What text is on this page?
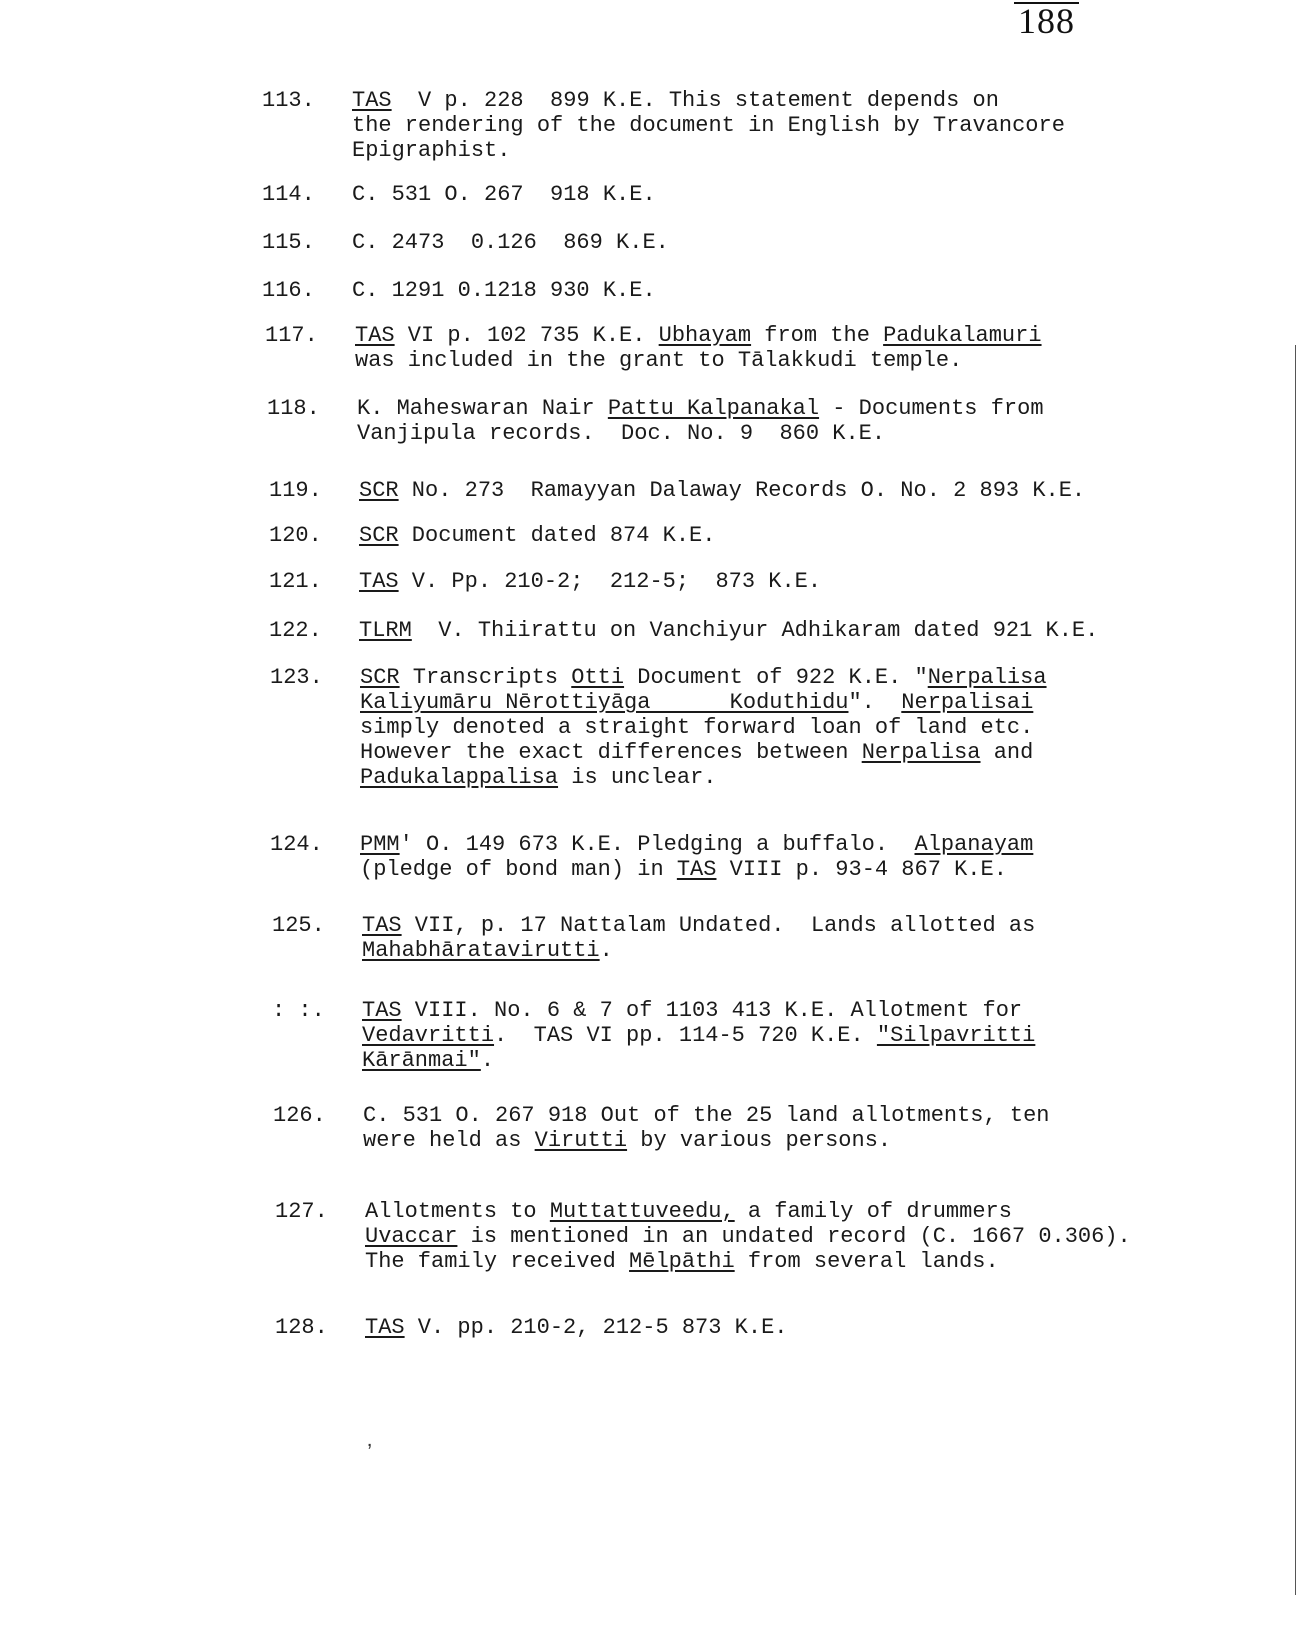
188
ʼ
113. TAS  V p. 228  899 K.E. This statement depends on
the rendering of the document in English by Travancore
Epigraphist.
114. C. 531 O. 267  918 K.E.
115. C. 2473  0.126  869 K.E.
116. C. 1291 0.1218 930 K.E.
117. TAS VI p. 102 735 K.E. Ubhayam from the Padukalamuri
was included in the grant to Tālakkudi temple.
118. K. Maheswaran Nair Pattu Kalpanakal - Documents from
Vanjipula records.  Doc. No. 9  860 K.E.
119. SCR No. 273  Ramayyan Dalaway Records O. No. 2 893 K.E.
120. SCR Document dated 874 K.E.
121. TAS V. Pp. 210-2;  212-5;  873 K.E.
122. TLRM  V. Thiirattu on Vanchiyur Adhikaram dated 921 K.E.
123. SCR Transcripts Otti Document of 922 K.E. "Nerpalisa
Kaliyumāru Nērottiyāga      Koduthidu".  Nerpalisai
simply denoted a straight forward loan of land etc.
However the exact differences between Nerpalisa and
Padukalappalisa is unclear.
124. PMM' O. 149 673 K.E. Pledging a buffalo.  Alpanayam
(pledge of bond man) in TAS VIII p. 93-4 867 K.E.
125. TAS VII, p. 17 Nattalam Undated.  Lands allotted as
Mahabhāratavirutti.
: :. TAS VIII. No. 6 & 7 of 1103 413 K.E. Allotment for
Vedavritti.  TAS VI pp. 114-5 720 K.E. "Silpavritti
Kārānmai".
126. C. 531 O. 267 918 Out of the 25 land allotments, ten
were held as Virutti by various persons.
127. Allotments to Muttattuveedu, a family of drummers
Uvaccar is mentioned in an undated record (C. 1667 0.306).
The family received Mēlpāthi from several lands.
128. TAS V. pp. 210-2, 212-5 873 K.E.
